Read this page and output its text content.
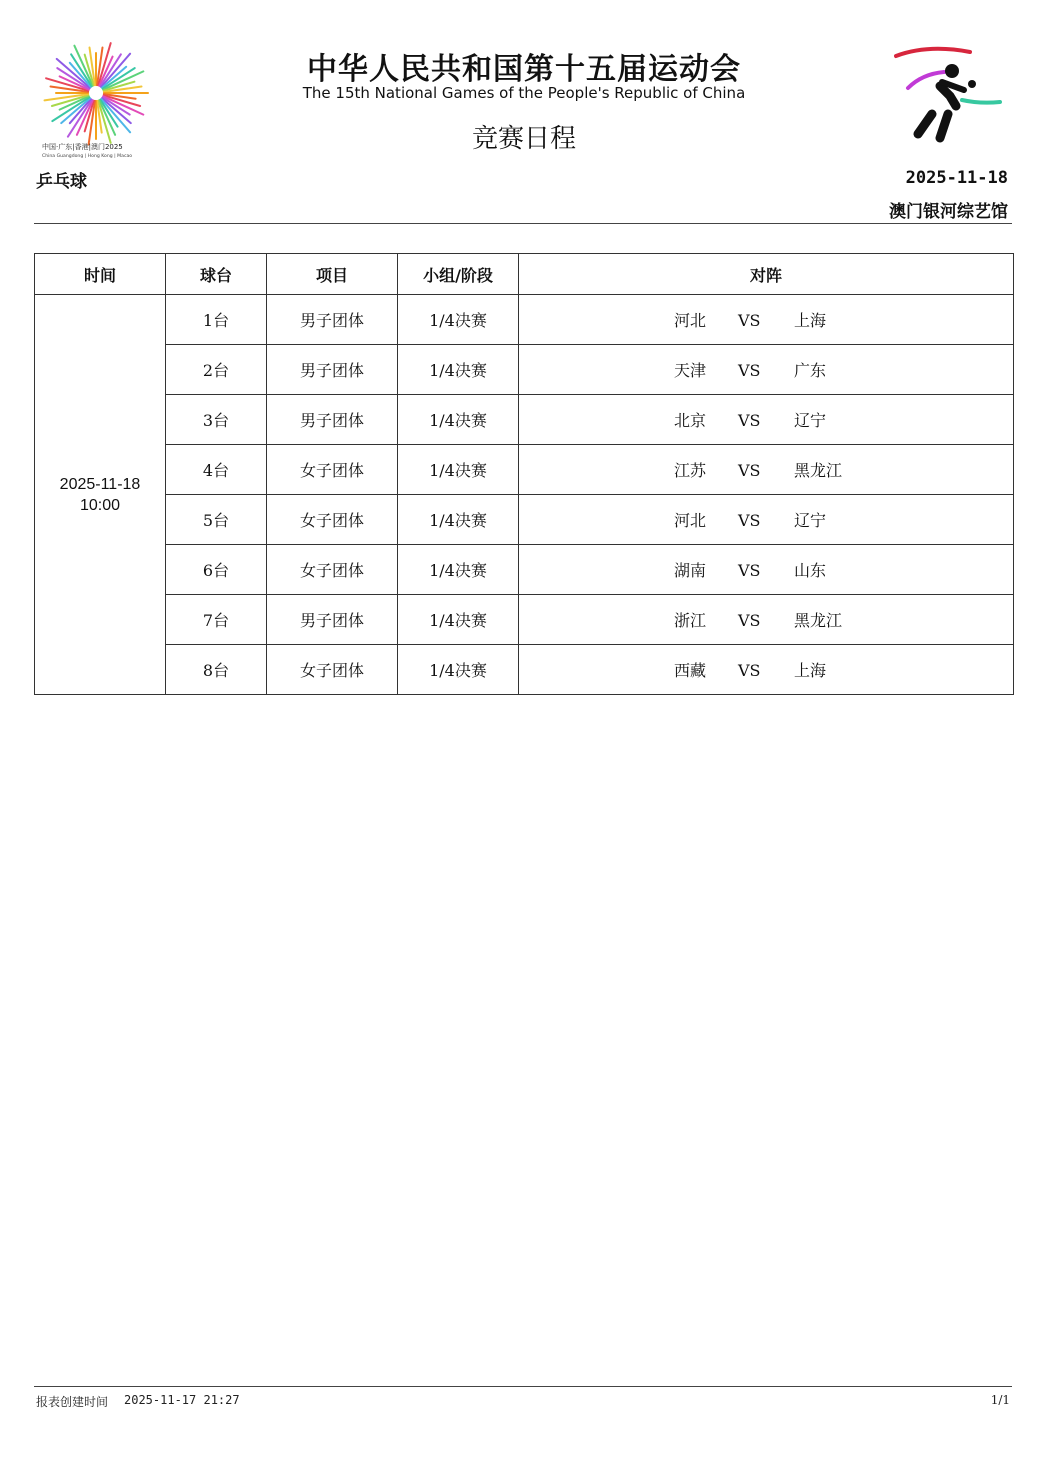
中国·广东|香港|澳门2025
China Guangdong | Hong Kong | Macao
中华人民共和国第十五届运动会
The 15th National Games of the People's Republic of China
竞赛日程
乒乓球	2025-11-18
澳门银河综艺馆
时间	球台	项目	小组/阶段	对阵

2025-11-18
10:00	1台	男子团体	1/4决赛	河北 VS 上海
	2台	男子团体	1/4决赛	天津 VS 广东
	3台	男子团体	1/4决赛	北京 VS 辽宁
	4台	女子团体	1/4决赛	江苏 VS 黑龙江
	5台	女子团体	1/4决赛	河北 VS 辽宁
	6台	女子团体	1/4决赛	湖南 VS 山东
	7台	男子团体	1/4决赛	浙江 VS 黑龙江
	8台	女子团体	1/4决赛	西藏 VS 上海
报表创建时间 2025-11-17 21:27	1/1
